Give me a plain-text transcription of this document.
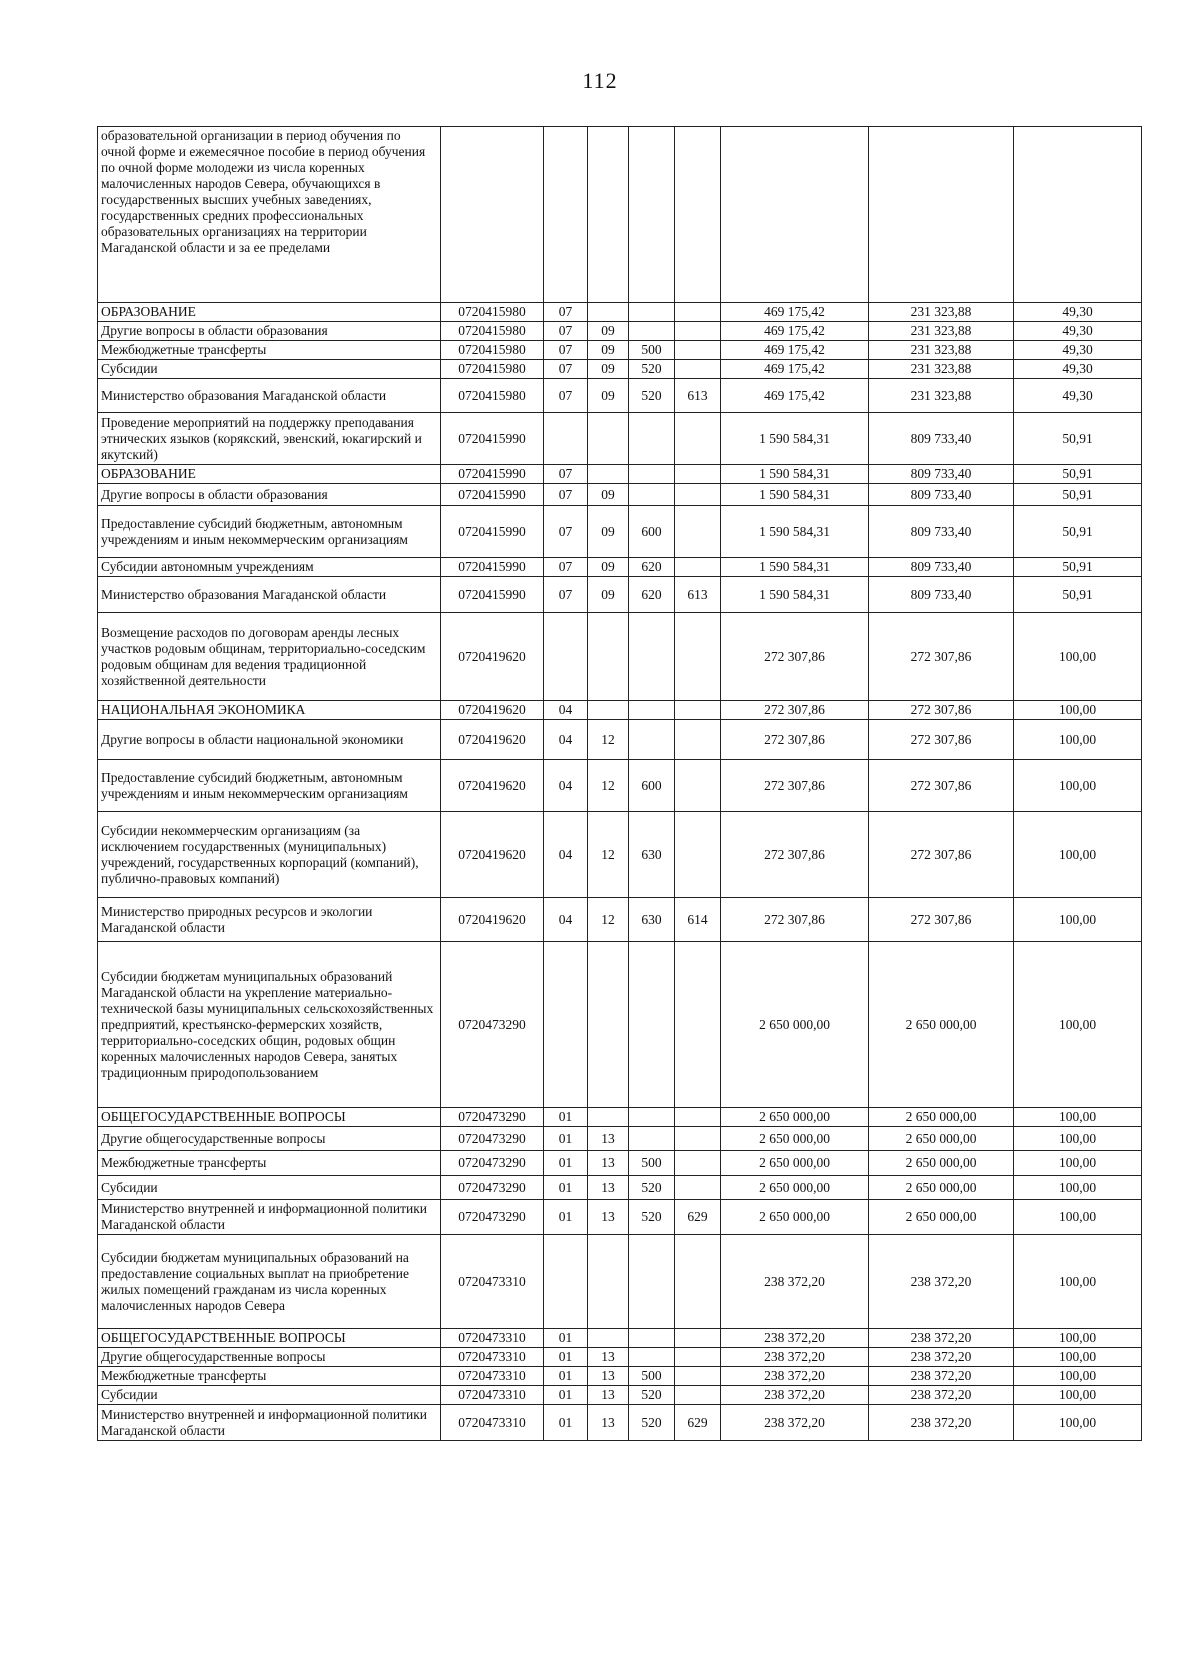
112
образовательной организации в период обучения по очной форме и ежемесячное пособие в период обучения по очной форме молодежи из числа коренных малочисленных народов Севера, обучающихся в государственных высших учебных заведениях, государственных средних профессиональных образовательных организациях на территории Магаданской области и за ее пределами								
ОБРАЗОВАНИЕ	0720415980	07				469 175,42	231 323,88	49,30
Другие вопросы в области образования	0720415980	07	09			469 175,42	231 323,88	49,30
Межбюджетные трансферты	0720415980	07	09	500		469 175,42	231 323,88	49,30
Субсидии	0720415980	07	09	520		469 175,42	231 323,88	49,30
Министерство образования Магаданской области	0720415980	07	09	520	613	469 175,42	231 323,88	49,30
Проведение мероприятий на поддержку преподавания этнических языков (корякский, эвенский, юкагирский и якутский)	0720415990					1 590 584,31	809 733,40	50,91
ОБРАЗОВАНИЕ	0720415990	07				1 590 584,31	809 733,40	50,91
Другие вопросы в области образования	0720415990	07	09			1 590 584,31	809 733,40	50,91
Предоставление субсидий бюджетным, автономным учреждениям и иным некоммерческим организациям	0720415990	07	09	600		1 590 584,31	809 733,40	50,91
Субсидии автономным учреждениям	0720415990	07	09	620		1 590 584,31	809 733,40	50,91
Министерство образования Магаданской области	0720415990	07	09	620	613	1 590 584,31	809 733,40	50,91
Возмещение расходов по договорам аренды лесных участков родовым общинам, территориально-соседским родовым общинам для ведения традиционной хозяйственной деятельности	0720419620					272 307,86	272 307,86	100,00
НАЦИОНАЛЬНАЯ ЭКОНОМИКА	0720419620	04				272 307,86	272 307,86	100,00
Другие вопросы в области национальной экономики	0720419620	04	12			272 307,86	272 307,86	100,00
Предоставление субсидий бюджетным, автономным учреждениям и иным некоммерческим организациям	0720419620	04	12	600		272 307,86	272 307,86	100,00
Субсидии некоммерческим организациям (за исключением государственных (муниципальных) учреждений, государственных корпораций (компаний), публично-правовых компаний)	0720419620	04	12	630		272 307,86	272 307,86	100,00
Министерство природных ресурсов и экологии Магаданской области	0720419620	04	12	630	614	272 307,86	272 307,86	100,00
Субсидии бюджетам муниципальных образований Магаданской области на укрепление материально-технической базы муниципальных сельскохозяйственных предприятий, крестьянско-фермерских хозяйств, территориально-соседских общин, родовых общин коренных малочисленных народов Севера, занятых традиционным природопользованием	0720473290					2 650 000,00	2 650 000,00	100,00
ОБЩЕГОСУДАРСТВЕННЫЕ ВОПРОСЫ	0720473290	01				2 650 000,00	2 650 000,00	100,00
Другие общегосударственные вопросы	0720473290	01	13			2 650 000,00	2 650 000,00	100,00
Межбюджетные трансферты	0720473290	01	13	500		2 650 000,00	2 650 000,00	100,00
Субсидии	0720473290	01	13	520		2 650 000,00	2 650 000,00	100,00
Министерство внутренней и информационной политики Магаданской области	0720473290	01	13	520	629	2 650 000,00	2 650 000,00	100,00
Субсидии бюджетам муниципальных образований на предоставление социальных выплат на приобретение жилых помещений гражданам из числа коренных малочисленных народов Севера	0720473310					238 372,20	238 372,20	100,00
ОБЩЕГОСУДАРСТВЕННЫЕ ВОПРОСЫ	0720473310	01				238 372,20	238 372,20	100,00
Другие общегосударственные вопросы	0720473310	01	13			238 372,20	238 372,20	100,00
Межбюджетные трансферты	0720473310	01	13	500		238 372,20	238 372,20	100,00
Субсидии	0720473310	01	13	520		238 372,20	238 372,20	100,00
Министерство внутренней и информационной политики Магаданской области	0720473310	01	13	520	629	238 372,20	238 372,20	100,00
